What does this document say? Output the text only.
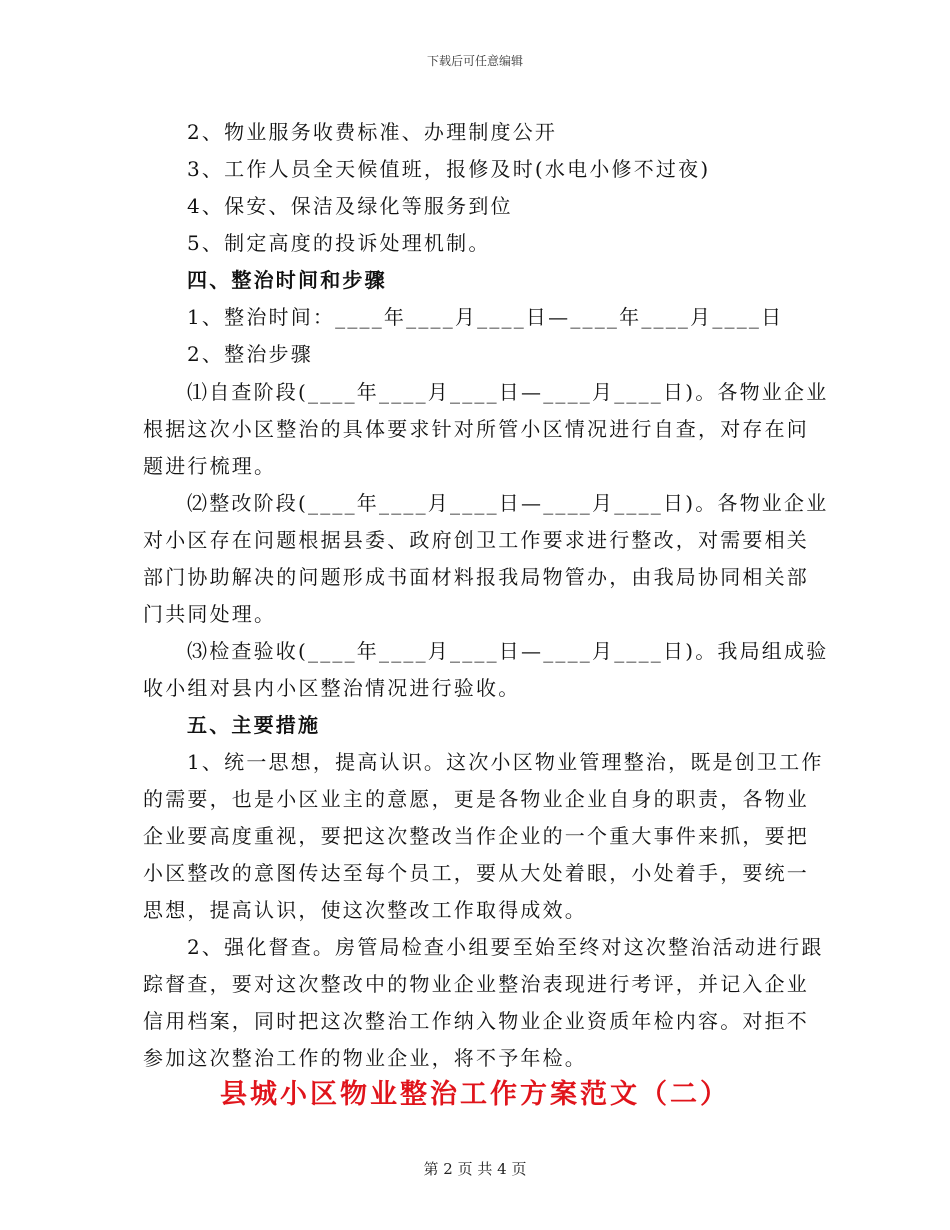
下载后可任意编辑
2、物业服务收费标准、办理制度公开
3、工作人员全天候值班，报修及时(水电小修不过夜)
4、保安、保洁及绿化等服务到位
5、制定高度的投诉处理机制。
四、整治时间和步骤
1、整治时间：____年____月____日—____年____月____日
2、整治步骤
⑴自查阶段(____年____月____日—____月____日)。各物业企业
根据这次小区整治的具体要求针对所管小区情况进行自查，对存在问
题进行梳理。
⑵整改阶段(____年____月____日—____月____日)。各物业企业
对小区存在问题根据县委、政府创卫工作要求进行整改，对需要相关
部门协助解决的问题形成书面材料报我局物管办，由我局协同相关部
门共同处理。
⑶检查验收(____年____月____日—____月____日)。我局组成验
收小组对县内小区整治情况进行验收。
五、主要措施
1、统一思想，提高认识。这次小区物业管理整治，既是创卫工作
的需要，也是小区业主的意愿，更是各物业企业自身的职责，各物业
企业要高度重视，要把这次整改当作企业的一个重大事件来抓，要把
小区整改的意图传达至每个员工，要从大处着眼，小处着手，要统一
思想，提高认识，使这次整改工作取得成效。
2、强化督查。房管局检查小组要至始至终对这次整治活动进行跟
踪督查，要对这次整改中的物业企业整治表现进行考评，并记入企业
信用档案，同时把这次整治工作纳入物业企业资质年检内容。对拒不
参加这次整治工作的物业企业，将不予年检。
县城小区物业整治工作方案范文（二）
第 2 页 共 4 页
